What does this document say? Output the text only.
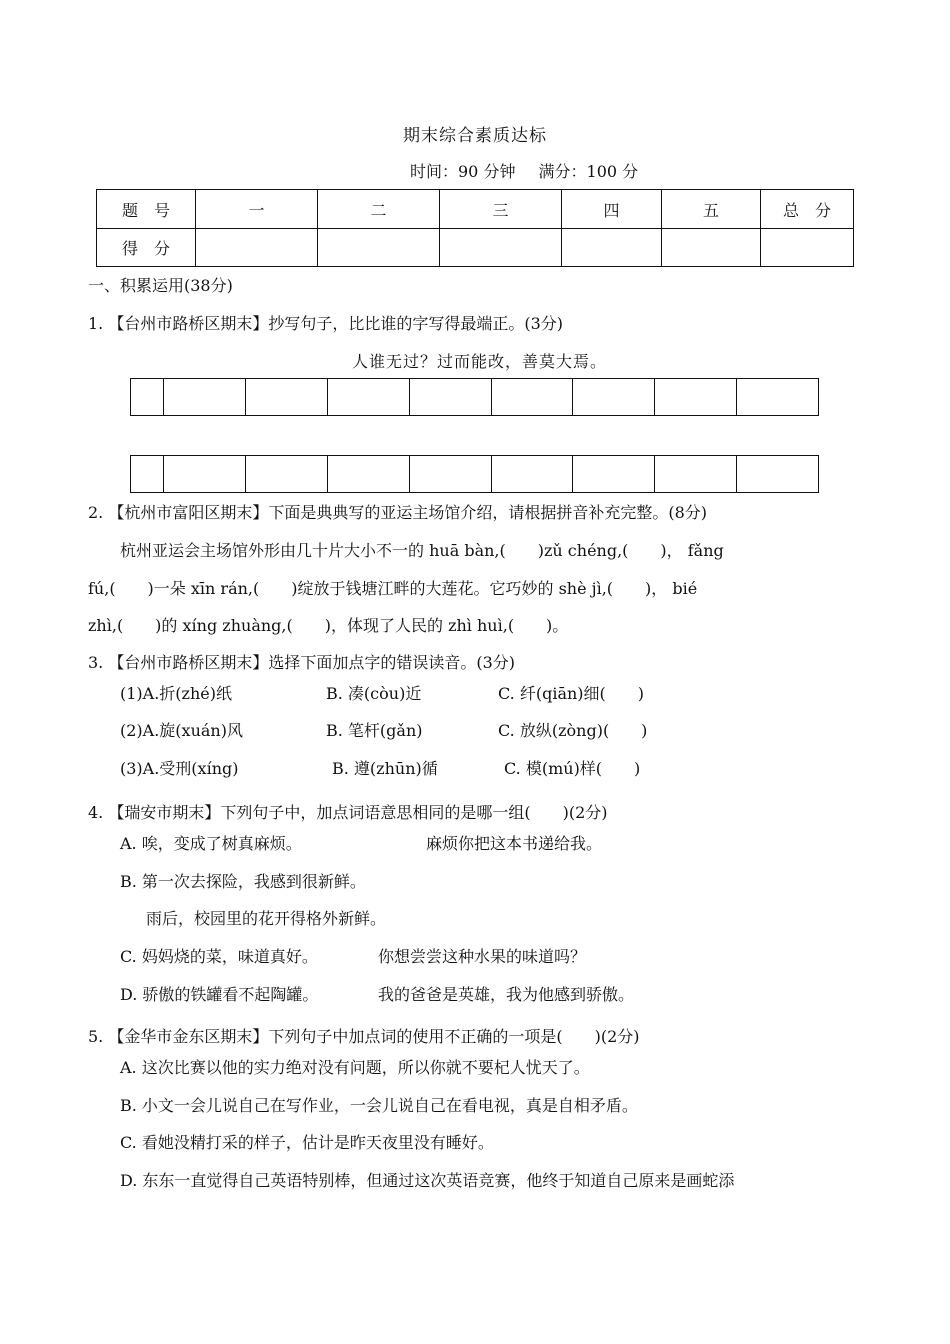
期末综合素质达标
时间：90 分钟 满分：100 分
题　号	一	二	三	四	五	总　分
得　分						
一、积累运用(38分)
1. 【台州市路桥区期末】抄写句子，比比谁的字写得最端正。(3分)
人谁无过？过而能改，善莫大焉。
2. 【杭州市富阳区期末】下面是典典写的亚运主场馆介绍，请根据拼音补充完整。(8分)
杭州亚运会主场馆外形由几十片大小不一的 huā bàn,(　　)zǔ chéng,(　　)， fǎng
fú,(　　)一朵 xīn rán,(　　)绽放于钱塘江畔的大莲花。它巧妙的 shè jì,(　　)， bié
zhì,(　　)的 xíng zhuàng,(　　)，体现了人民的 zhì huì,(　　)。
3. 【台州市路桥区期末】选择下面加点字的错误读音。(3分)
(1)A.折(zhé)纸	B. 凑(còu)近	C. 纤(qiān)细(　　)
(2)A.旋(xuán)风	B. 笔杆(gǎn)	C. 放纵(zòng)(　　)
(3)A.受刑(xíng)	B. 遵(zhūn)循	C. 模(mú)样(　　)
4. 【瑞安市期末】下列句子中，加点词语意思相同的是哪一组(　　)(2分)
A. 唉，变成了树真麻烦。	麻烦你把这本书递给我。
B. 第一次去探险，我感到很新鲜。
雨后，校园里的花开得格外新鲜。
C. 妈妈烧的菜，味道真好。	你想尝尝这种水果的味道吗？
D. 骄傲的铁罐看不起陶罐。	我的爸爸是英雄，我为他感到骄傲。
5. 【金华市金东区期末】下列句子中加点词的使用不正确的一项是(　　)(2分)
A. 这次比赛以他的实力绝对没有问题，所以你就不要杞人忧天了。
B. 小文一会儿说自己在写作业，一会儿说自己在看电视，真是自相矛盾。
C. 看她没精打采的样子，估计是昨天夜里没有睡好。
D. 东东一直觉得自己英语特别棒，但通过这次英语竞赛，他终于知道自己原来是画蛇添
